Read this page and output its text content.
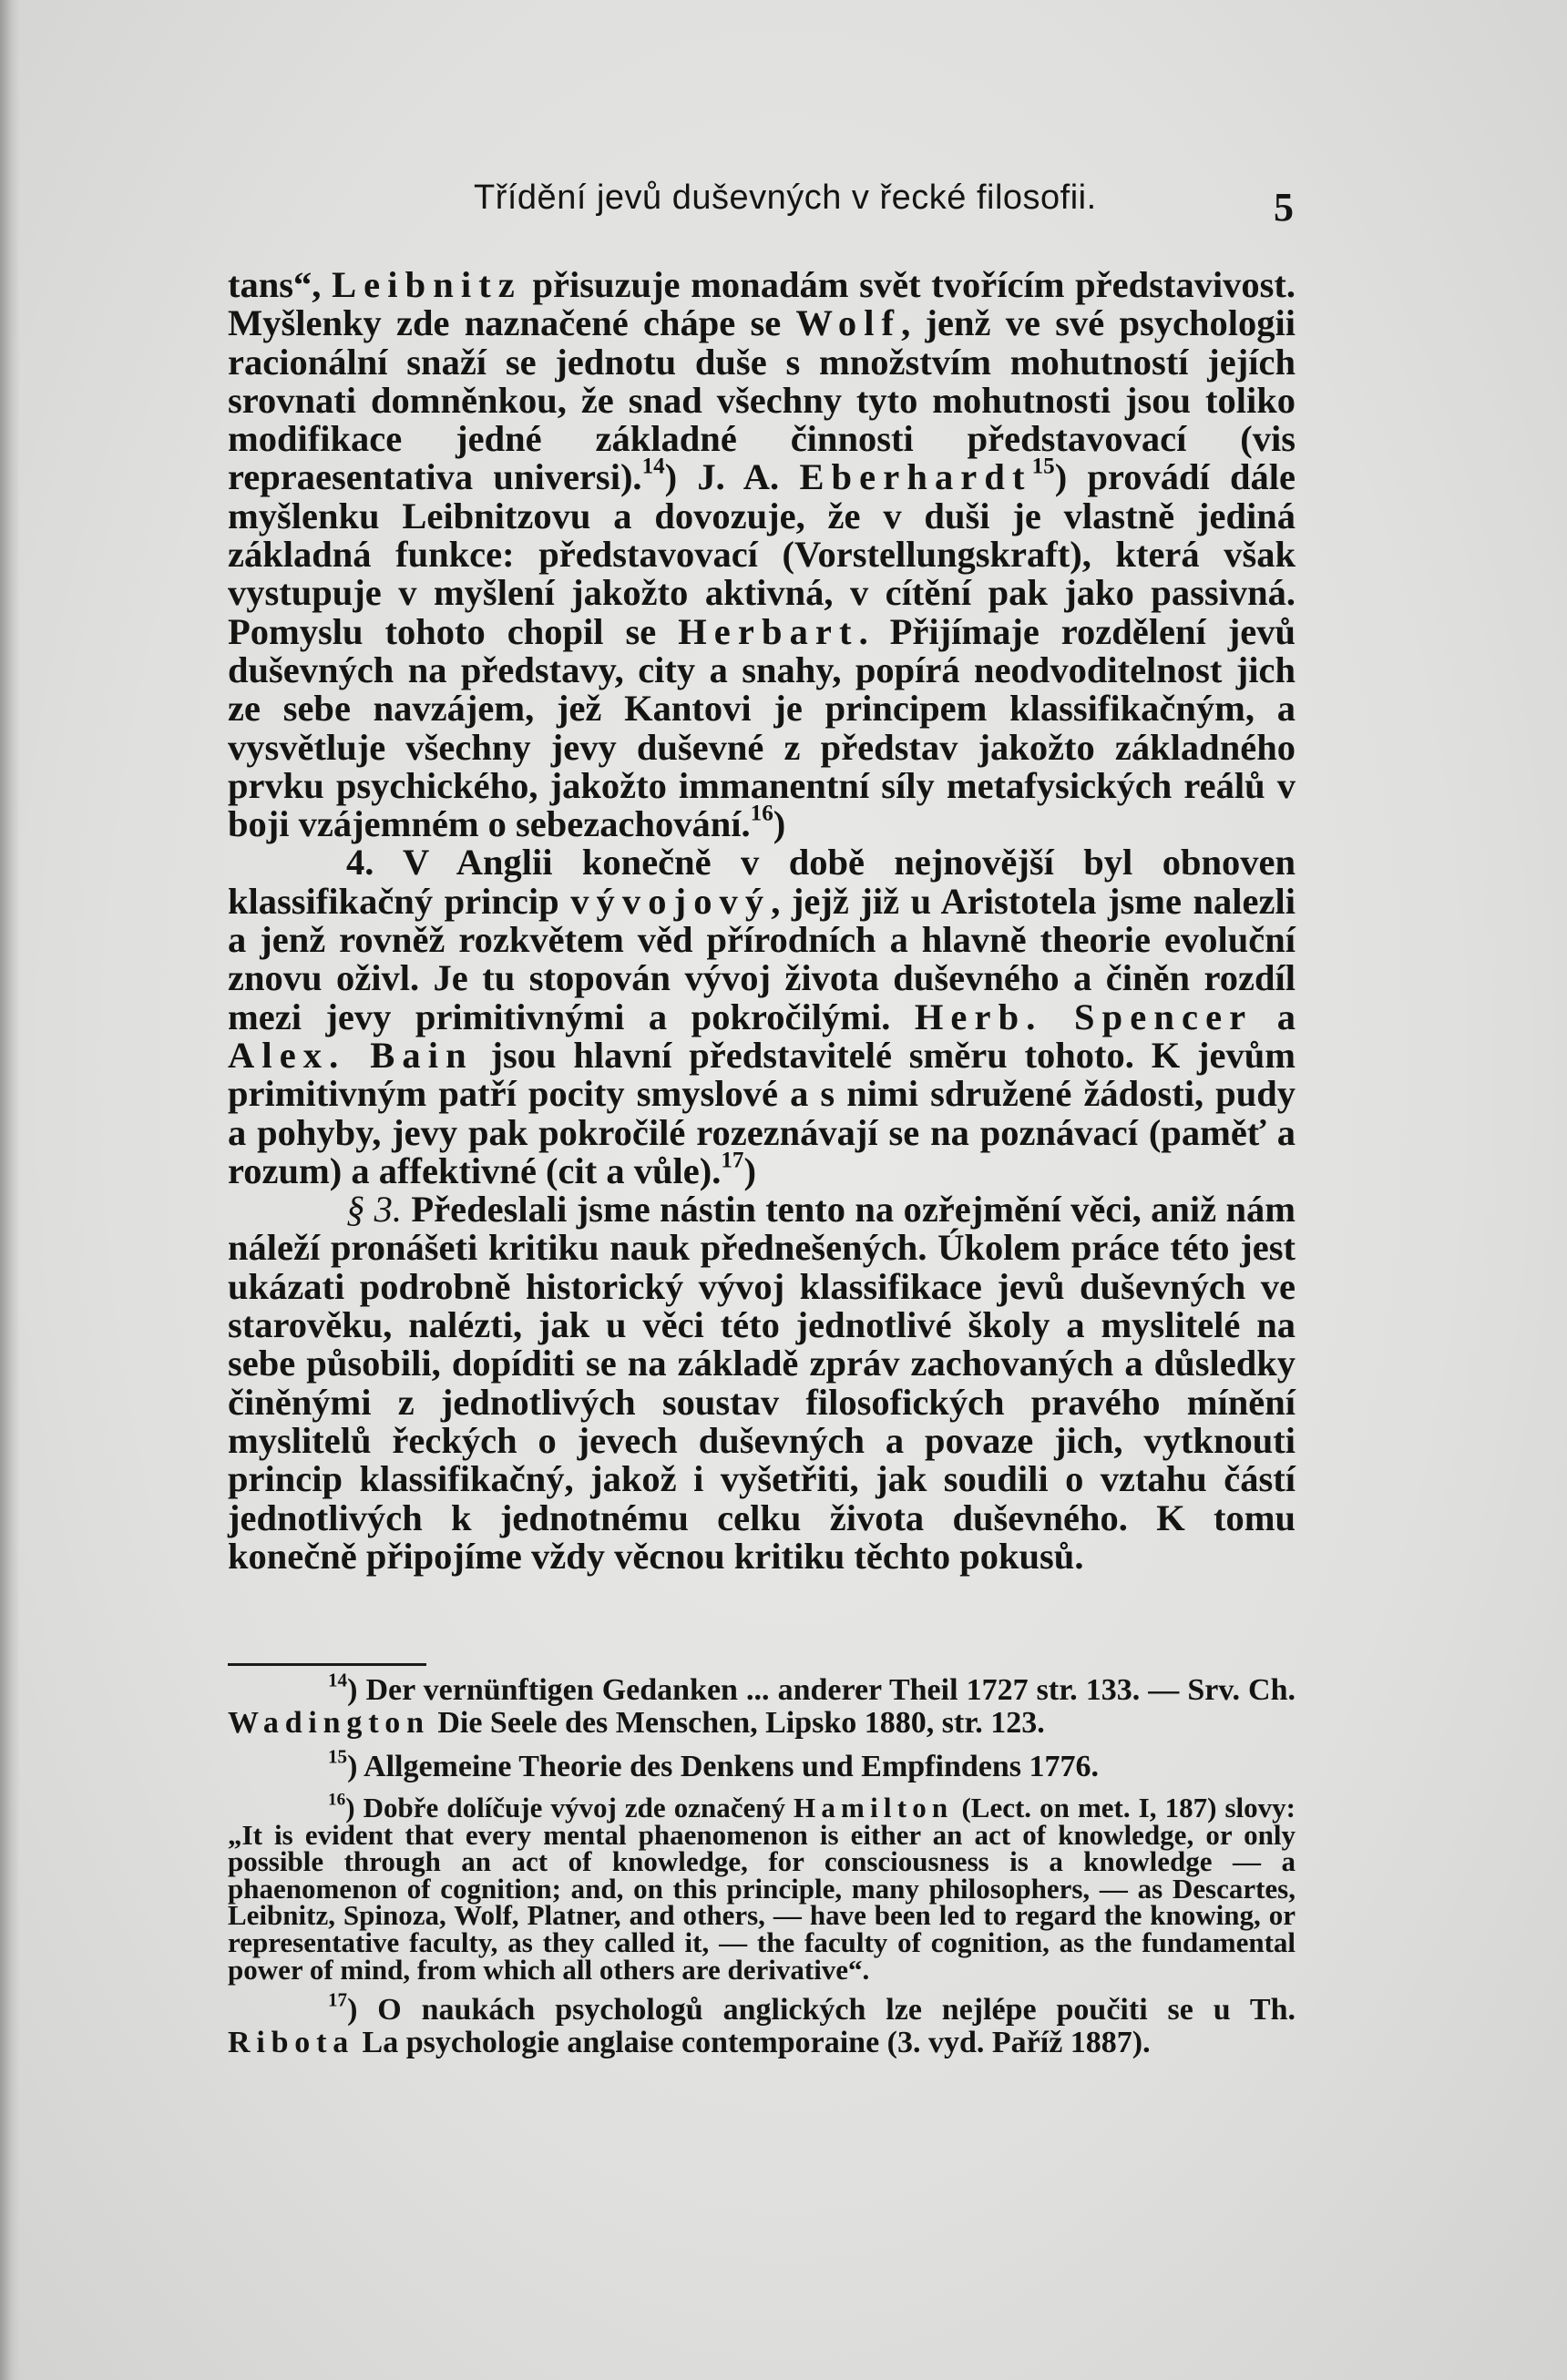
Třídění jevů duševných v řecké filosofii.	5

tans“, Leibnitz přisuzuje monadám svět tvořícím představivost. Myšlenky zde naznačené chápe se Wolf, jenž ve své psychologii racionální snaží se jednotu duše s množstvím mohutností jejích srovnati domněnkou, že snad všechny tyto mohutnosti jsou toliko modifikace jedné základné činnosti představovací (vis repraesentativa universi).$^{14}$) J. A. Eberhardt$^{15}$) provádí dále myšlenku Leibnitzovu a dovozuje, že v duši je vlastně jediná základná funkce: představovací (Vorstellungskraft), která však vystupuje v myšlení jakožto aktivná, v cítění pak jako passivná. Pomyslu tohoto chopil se Herbart. Přijímaje rozdělení jevů duševných na představy, city a snahy, popírá neodvoditelnost jich ze sebe navzájem, jež Kantovi je principem klassifikačným, a vysvětluje všechny jevy duševné z představ jakožto základného prvku psychického, jakožto immanentní síly metafysických reálů v boji vzájemném o sebezachování.$^{16}$)

4. V Anglii konečně v době nejnovější byl obnoven klassifikačný princip vývojový, jejž již u Aristotela jsme nalezli a jenž rovněž rozkvětem věd přírodních a hlavně theorie evoluční znovu oživl. Je tu stopován vývoj života duševného a činěn rozdíl mezi jevy primitivnými a pokročilými. Herb. Spencer a Alex. Bain jsou hlavní představitelé směru tohoto. K jevům primitivným patří pocity smyslové a s nimi sdružené žádosti, pudy a pohyby, jevy pak pokročilé rozeznávají se na poznávací (paměť a rozum) a affektivné (cit a vůle).$^{17}$)

§ 3. Předeslali jsme nástin tento na ozřejmění věci, aniž nám náleží pronášeti kritiku nauk přednešených. Úkolem práce této jest ukázati podrobně historický vývoj klassifikace jevů duševných ve starověku, nalézti, jak u věci této jednotlivé školy a myslitelé na sebe působili, dopíditi se na základě zpráv zachovaných a důsledky činěnými z jednotlivých soustav filosofických pravého mínění myslitelů řeckých o jevech duševných a povaze jich, vytknouti princip klassifikačný, jakož i vyšetřiti, jak soudili o vztahu částí jednotlivých k jednotnému celku života duševného. K tomu konečně připojíme vždy věcnou kritiku těchto pokusů.

$^{14}$) Der vernünftigen Gedanken ... anderer Theil 1727 str. 133. — Srv. Ch. Wadington Die Seele des Menschen, Lipsko 1880, str. 123.

$^{15}$) Allgemeine Theorie des Denkens und Empfindens 1776.

$^{16}$) Dobře dolíčuje vývoj zde označený Hamilton (Lect. on met. I, 187) slovy: „It is evident that every mental phaenomenon is either an act of knowledge, or only possible through an act of knowledge, for consciousness is a knowledge — a phaenomenon of cognition; and, on this principle, many philosophers, — as Descartes, Leibnitz, Spinoza, Wolf, Platner, and others, — have been led to regard the knowing, or representative faculty, as they called it, — the faculty of cognition, as the fundamental power of mind, from which all others are derivative“.

$^{17}$) O naukách psychologů anglických lze nejlépe poučiti se u Th. Ribota La psychologie anglaise contemporaine (3. vyd. Paříž 1887).
